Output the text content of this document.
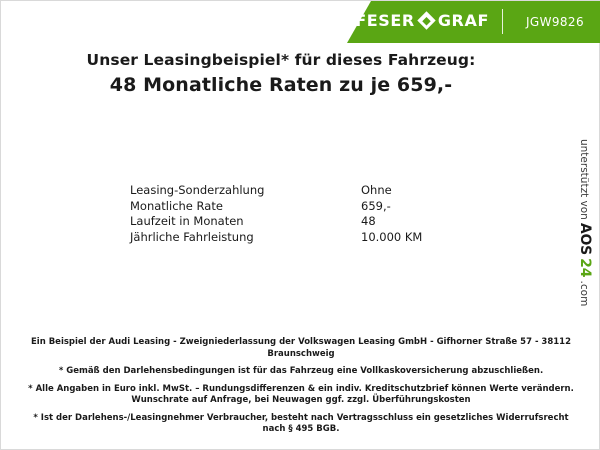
FESER GRAF	JGW9826
Unser Leasingbeispiel* für dieses Fahrzeug:
48 Monatliche Raten zu je 659,-
Leasing-Sonderzahlung	Ohne
Monatliche Rate	659,-
Laufzeit in Monaten	48
Jährliche Fahrleistung	10.000 KM
unterstützt von
AOS
24
.com
Ein Beispiel der Audi Leasing - Zweigniederlassung der Volkswagen Leasing GmbH - Gifhorner Straße 57 - 38112
Braunschweig
* Gemäß den Darlehensbedingungen ist für das Fahrzeug eine Vollkaskoversicherung abzuschließen.
* Alle Angaben in Euro inkl. MwSt. – Rundungsdifferenzen & ein indiv. Kreditschutzbrief können Werte verändern.
Wunschrate auf Anfrage, bei Neuwagen ggf. zzgl. Überführungskosten
* Ist der Darlehens-/Leasingnehmer Verbraucher, besteht nach Vertragsschluss ein gesetzliches Widerrufsrecht
nach § 495 BGB.
